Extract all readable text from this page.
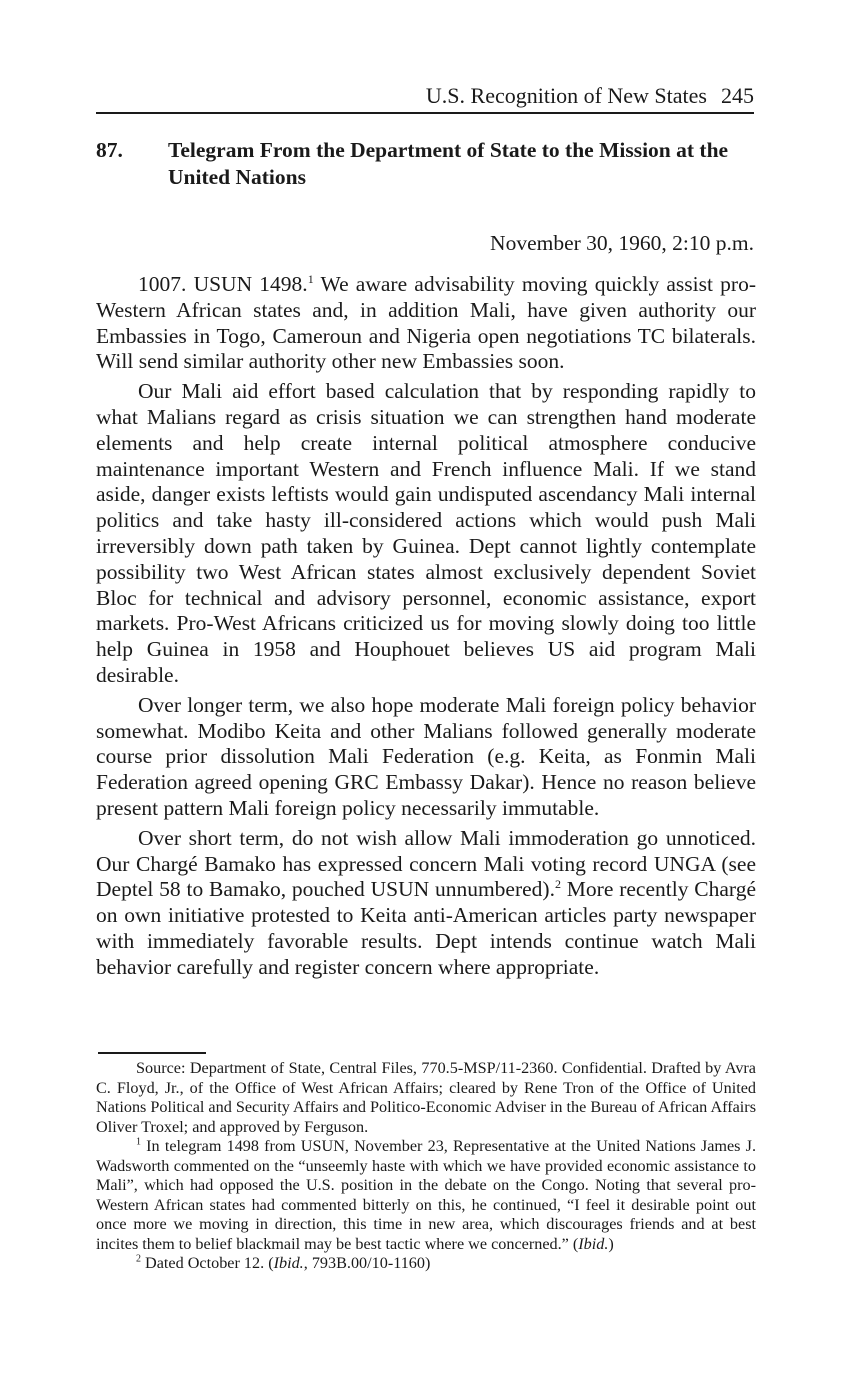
U.S. Recognition of New States 245
87. Telegram From the Department of State to the Mission at the United Nations
November 30, 1960, 2:10 p.m.

1007. USUN 1498.$^1$ We aware advisability moving quickly assist pro-Western African states and, in addition Mali, have given authority our Embassies in Togo, Cameroun and Nigeria open negotiations TC bilaterals. Will send similar authority other new Embassies soon.

Our Mali aid effort based calculation that by responding rapidly to what Malians regard as crisis situation we can strengthen hand moderate elements and help create internal political atmosphere conducive maintenance important Western and French influence Mali. If we stand aside, danger exists leftists would gain undisputed ascendancy Mali internal politics and take hasty ill-considered actions which would push Mali irreversibly down path taken by Guinea. Dept cannot lightly contemplate possibility two West African states almost exclusively dependent Soviet Bloc for technical and advisory personnel, economic assistance, export markets. Pro-West Africans criticized us for moving slowly doing too little help Guinea in 1958 and Houphouet believes US aid program Mali desirable.

Over longer term, we also hope moderate Mali foreign policy behavior somewhat. Modibo Keita and other Malians followed generally moderate course prior dissolution Mali Federation (e.g. Keita, as Fonmin Mali Federation agreed opening GRC Embassy Dakar). Hence no reason believe present pattern Mali foreign policy necessarily immutable.

Over short term, do not wish allow Mali immoderation go unnoticed. Our Chargé Bamako has expressed concern Mali voting record UNGA (see Deptel 58 to Bamako, pouched USUN unnumbered).$^2$ More recently Chargé on own initiative protested to Keita anti-American articles party newspaper with immediately favorable results. Dept intends continue watch Mali behavior carefully and register concern where appropriate.

Source: Department of State, Central Files, 770.5-MSP/11-2360. Confidential. Drafted by Avra C. Floyd, Jr., of the Office of West African Affairs; cleared by Rene Tron of the Office of United Nations Political and Security Affairs and Politico-Economic Adviser in the Bureau of African Affairs Oliver Troxel; and approved by Ferguson.

$^1$ In telegram 1498 from USUN, November 23, Representative at the United Nations James J. Wadsworth commented on the “unseemly haste with which we have provided economic assistance to Mali”, which had opposed the U.S. position in the debate on the Congo. Noting that several pro-Western African states had commented bitterly on this, he continued, “I feel it desirable point out once more we moving in direction, this time in new area, which discourages friends and at best incites them to belief blackmail may be best tactic where we concerned.” (Ibid.)

$^2$ Dated October 12. (Ibid., 793B.00/10-1160)
